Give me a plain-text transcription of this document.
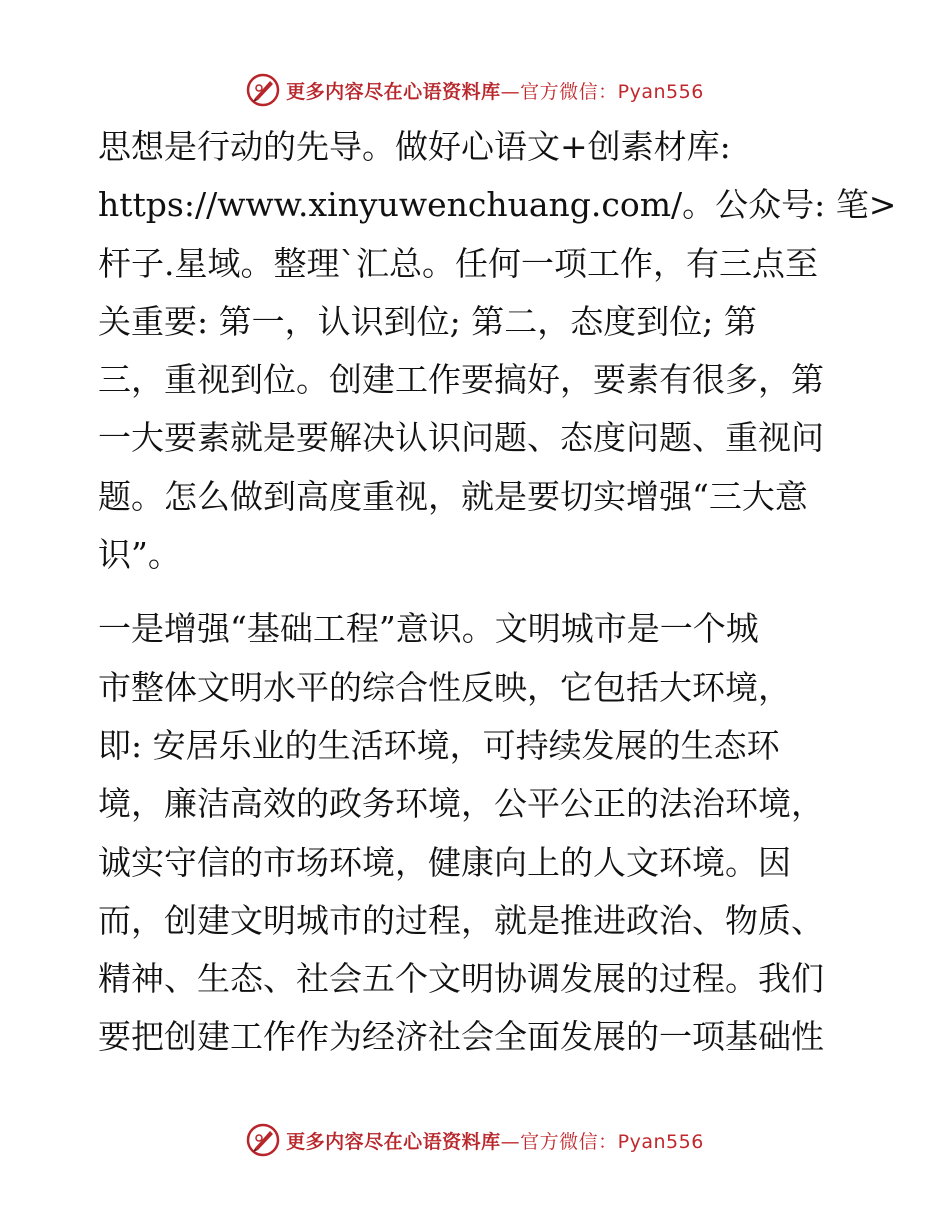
更多内容尽在心语资料库—官方微信：Pyan556

思想是行动的先导。做好心语文+创素材库:
https://www.xinyuwenchuang.com/。公众号: 笔>
杆子.星域。整理`汇总。任何一项工作，有三点至
关重要: 第一，认识到位; 第二，态度到位; 第
三，重视到位。创建工作要搞好，要素有很多，第
一大要素就是要解决认识问题、态度问题、重视问
题。怎么做到高度重视，就是要切实增强“三大意
识”。

一是增强“基础工程”意识。文明城市是一个城
市整体文明水平的综合性反映，它包括大环境，
即: 安居乐业的生活环境，可持续发展的生态环
境，廉洁高效的政务环境，公平公正的法治环境，
诚实守信的市场环境，健康向上的人文环境。因
而，创建文明城市的过程，就是推进政治、物质、
精神、生态、社会五个文明协调发展的过程。我们
要把创建工作作为经济社会全面发展的一项基础性

更多内容尽在心语资料库—官方微信：Pyan556
